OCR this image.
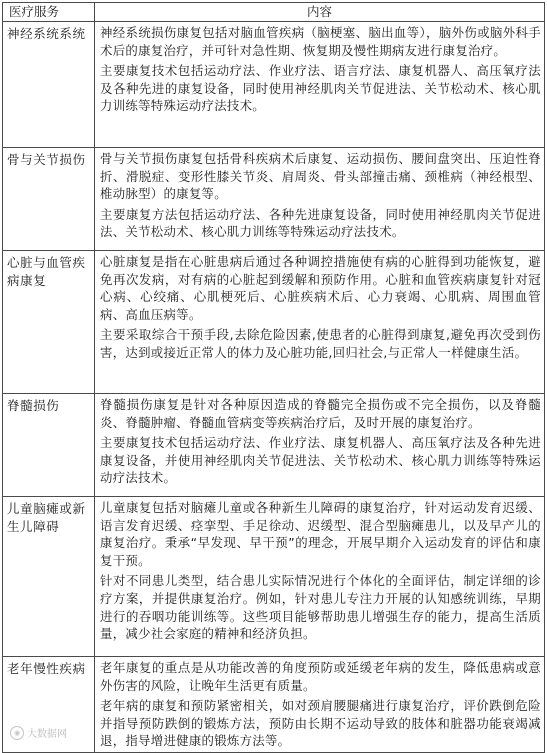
医疗服务	内容
神经系统系统	神经系统损伤康复包括对脑血管疾病（脑梗塞、脑出血等），脑外伤或脑外科手术后的康复治疗，并可针对急性期、恢复期及慢性期病友进行康复治疗。

主要康复技术包括运动疗法、作业疗法、语言疗法、康复机器人、高压氧疗法及各种先进的康复设备，同时使用神经肌肉关节促进法、关节松动术、核心肌力训练等特殊运动疗法技术。

骨与关节损伤	骨与关节损伤康复包括骨科疾病术后康复、运动损伤、腰间盘突出、压迫性脊折、滑脱症、变形性膝关节炎、肩周炎、骨头部撞击痛、颈椎病（神经根型、椎动脉型）的康复等。

主要康复方法包括运动疗法、各种先进康复设备，同时使用神经肌肉关节促进法、关节松动术、核心肌力训练等特殊运动疗法技术。

心脏与血管疾病康复	心脏康复是指在心脏患病后通过各种调控措施使有病的心脏得到功能恢复，避免再次发病，对有病的心脏起到缓解和预防作用。心脏和血管疾病康复针对冠心病、心绞痛、心肌梗死后、心脏疾病术后、心力衰竭、心肌病、周围血管病、高血压病等。

主要采取综合干预手段,去除危险因素,使患者的心脏得到康复,避免再次受到伤害，达到或接近正常人的体力及心脏功能,回归社会,与正常人一样健康生活。

脊髓损伤	脊髓损伤康复是针对各种原因造成的脊髓完全损伤或不完全损伤，以及脊髓炎、脊髓肿瘤、脊髓血管病变等疾病治疗后，及时开展的康复治疗。

主要康复技术包括运动疗法、作业疗法、康复机器人、高压氧疗法及各种先进康复设备，并使用神经肌肉关节促进法、关节松动术、核心肌力训练等特殊运动疗法技术。

儿童脑瘫或新生儿障碍	儿童康复包括对脑瘫儿童或各种新生儿障碍的康复治疗，针对运动发育迟缓、语言发育迟缓、痉挛型、手足徐动、迟缓型、混合型脑瘫患儿，以及早产儿的康复治疗。秉承“早发现、早干预”的理念，开展早期介入运动发育的评估和康复干预。

针对不同患儿类型，结合患儿实际情况进行个体化的全面评估，制定详细的诊疗方案，并提供康复治疗。例如，针对患儿专注力开展的认知感统训练，早期进行的吞咽功能训练等。这些项目能够帮助患儿增强生存的能力，提高生活质量，减少社会家庭的精神和经济负担。

老年慢性疾病	老年康复的重点是从功能改善的角度预防或延缓老年病的发生，降低患病或意外伤害的风险，让晚年生活更有质量。

老年病的康复和预防紧密相关，如对颈肩腰腿痛进行康复治疗，评价跌倒危险并指导预防跌倒的锻炼方法，预防由长期不运动导致的肢体和脏器功能衰竭减退，指导增进健康的锻炼方法等。

◉ 大数据网
